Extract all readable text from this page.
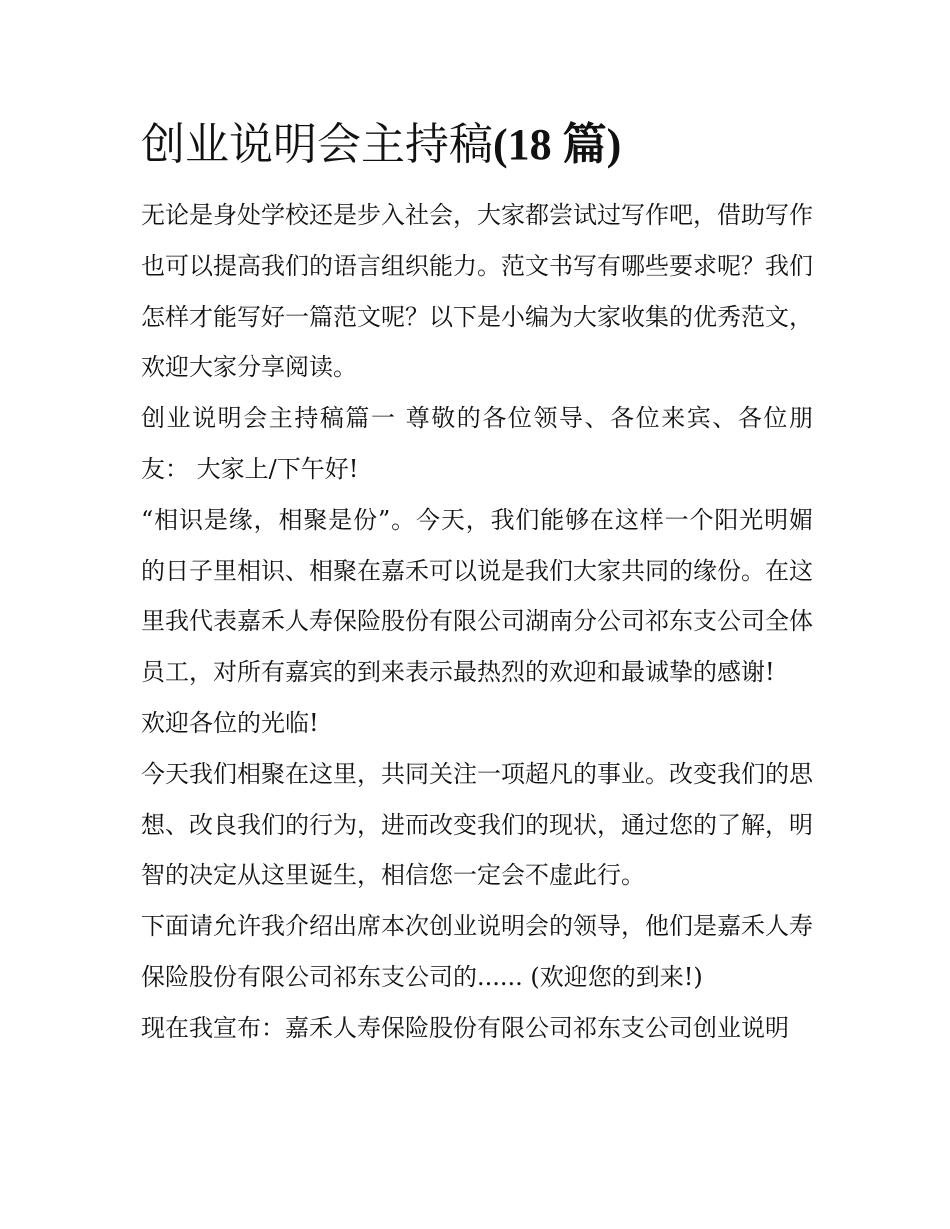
创业说明会主持稿(18 篇)

无论是身处学校还是步入社会，大家都尝试过写作吧，借助写作也可以提高我们的语言组织能力。范文书写有哪些要求呢？我们怎样才能写好一篇范文呢？以下是小编为大家收集的优秀范文，欢迎大家分享阅读。

创业说明会主持稿篇一 尊敬的各位领导、各位来宾、各位朋友： 大家上/下午好!

“相识是缘，相聚是份”。今天，我们能够在这样一个阳光明媚的日子里相识、相聚在嘉禾可以说是我们大家共同的缘份。在这里我代表嘉禾人寿保险股份有限公司湖南分公司祁东支公司全体员工，对所有嘉宾的到来表示最热烈的欢迎和最诚挚的感谢!

欢迎各位的光临!

今天我们相聚在这里，共同关注一项超凡的事业。改变我们的思想、改良我们的行为，进而改变我们的现状，通过您的了解，明智的决定从这里诞生，相信您一定会不虚此行。

下面请允许我介绍出席本次创业说明会的领导，他们是嘉禾人寿保险股份有限公司祁东支公司的...... (欢迎您的到来!)

现在我宣布：嘉禾人寿保险股份有限公司祁东支公司创业说明
